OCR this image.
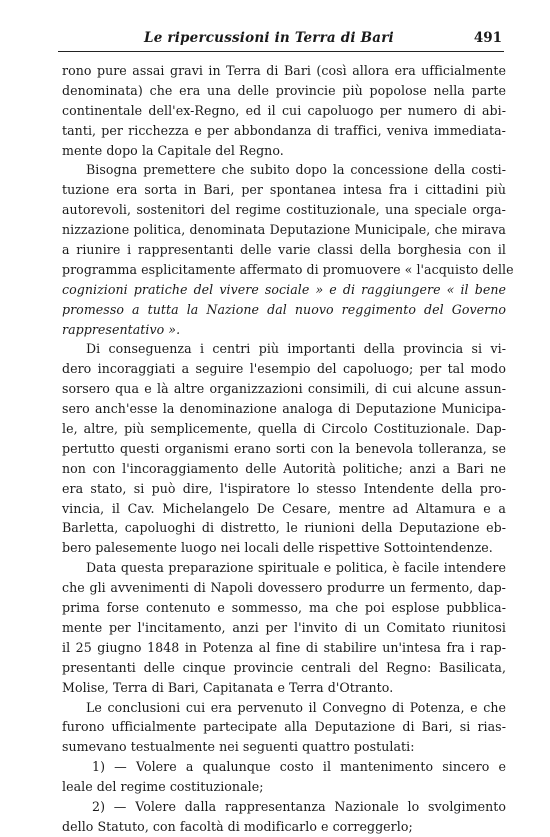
Le ripercussioni in Terra di Bari	491
rono pure assai gravi in Terra di Bari (così allora era ufficialmente
denominata) che era una delle provincie più popolose nella parte
continentale dell'ex-Regno, ed il cui capoluogo per numero di abi-
tanti, per ricchezza e per abbondanza di traffici, veniva immediata-
mente dopo la Capitale del Regno.
Bisogna premettere che subito dopo la concessione della costi-
tuzione era sorta in Bari, per spontanea intesa fra i cittadini più
autorevoli, sostenitori del regime costituzionale, una speciale orga-
nizzazione politica, denominata Deputazione Municipale, che mirava
a riunire i rappresentanti delle varie classi della borghesia con il
programma esplicitamente affermato di promuovere « l'acquisto delle
cognizioni pratiche del vivere sociale » e di raggiungere « il bene
promesso a tutta la Nazione dal nuovo reggimento del Governo
rappresentativo ».
Di conseguenza i centri più importanti della provincia si vi-
dero incoraggiati a seguire l'esempio del capoluogo; per tal modo
sorsero qua e là altre organizzazioni consimili, di cui alcune assun-
sero anch'esse la denominazione analoga di Deputazione Municipa-
le, altre, più semplicemente, quella di Circolo Costituzionale. Dap-
pertutto questi organismi erano sorti con la benevola tolleranza, se
non con l'incoraggiamento delle Autorità politiche; anzi a Bari ne
era stato, si può dire, l'ispiratore lo stesso Intendente della pro-
vincia, il Cav. Michelangelo De Cesare, mentre ad Altamura e a
Barletta, capoluoghi di distretto, le riunioni della Deputazione eb-
bero palesemente luogo nei locali delle rispettive Sottointendenze.
Data questa preparazione spirituale e politica, è facile intendere
che gli avvenimenti di Napoli dovessero produrre un fermento, dap-
prima forse contenuto e sommesso, ma che poi esplose pubblica-
mente per l'incitamento, anzi per l'invito di un Comitato riunitosi
il 25 giugno 1848 in Potenza al fine di stabilire un'intesa fra i rap-
presentanti delle cinque provincie centrali del Regno: Basilicata,
Molise, Terra di Bari, Capitanata e Terra d'Otranto.
Le conclusioni cui era pervenuto il Convegno di Potenza, e che
furono ufficialmente partecipate alla Deputazione di Bari, si rias-
sumevano testualmente nei seguenti quattro postulati:
1) — Volere a qualunque costo il mantenimento sincero e
leale del regime costituzionale;
2) — Volere dalla rappresentanza Nazionale lo svolgimento
dello Statuto, con facoltà di modificarlo e correggerlo;
